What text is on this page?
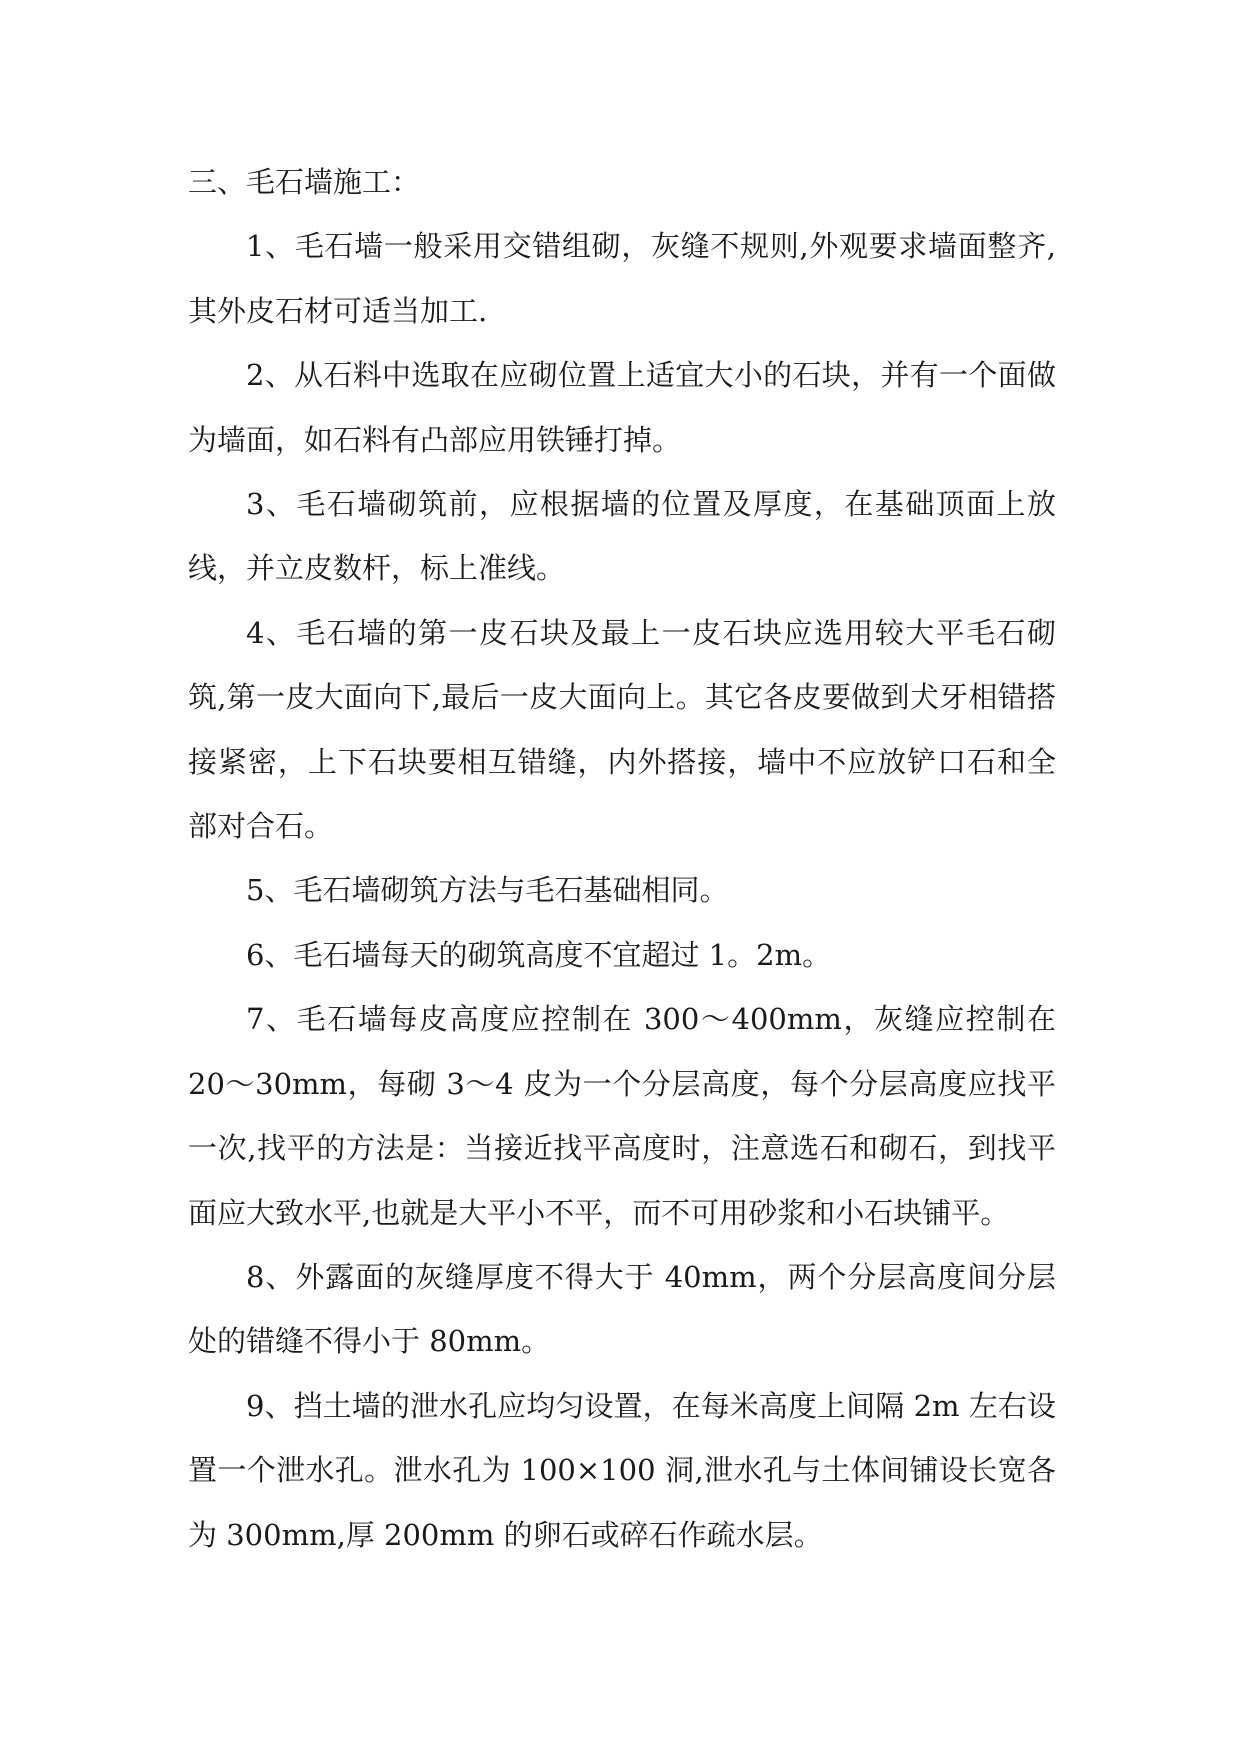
三、毛石墙施工：

1、毛石墙一般采用交错组砌，灰缝不规则,外观要求墙面整齐,其外皮石材可适当加工.

2、从石料中选取在应砌位置上适宜大小的石块，并有一个面做为墙面，如石料有凸部应用铁锤打掉。

3、毛石墙砌筑前，应根据墙的位置及厚度，在基础顶面上放线，并立皮数杆，标上准线。

4、毛石墙的第一皮石块及最上一皮石块应选用较大平毛石砌筑,第一皮大面向下,最后一皮大面向上。其它各皮要做到犬牙相错搭接紧密，上下石块要相互错缝，内外搭接，墙中不应放铲口石和全部对合石。

5、毛石墙砌筑方法与毛石基础相同。

6、毛石墙每天的砌筑高度不宜超过 1。2m。

7、毛石墙每皮高度应控制在 300～400mm，灰缝应控制在 20～30mm，每砌 3～4 皮为一个分层高度，每个分层高度应找平一次,找平的方法是：当接近找平高度时，注意选石和砌石，到找平面应大致水平,也就是大平小不平，而不可用砂浆和小石块铺平。

8、外露面的灰缝厚度不得大于 40mm，两个分层高度间分层处的错缝不得小于 80mm。

9、挡土墙的泄水孔应均匀设置，在每米高度上间隔 2m 左右设置一个泄水孔。泄水孔为 100×100 洞,泄水孔与土体间铺设长宽各为 300mm,厚 200mm 的卵石或碎石作疏水层。
